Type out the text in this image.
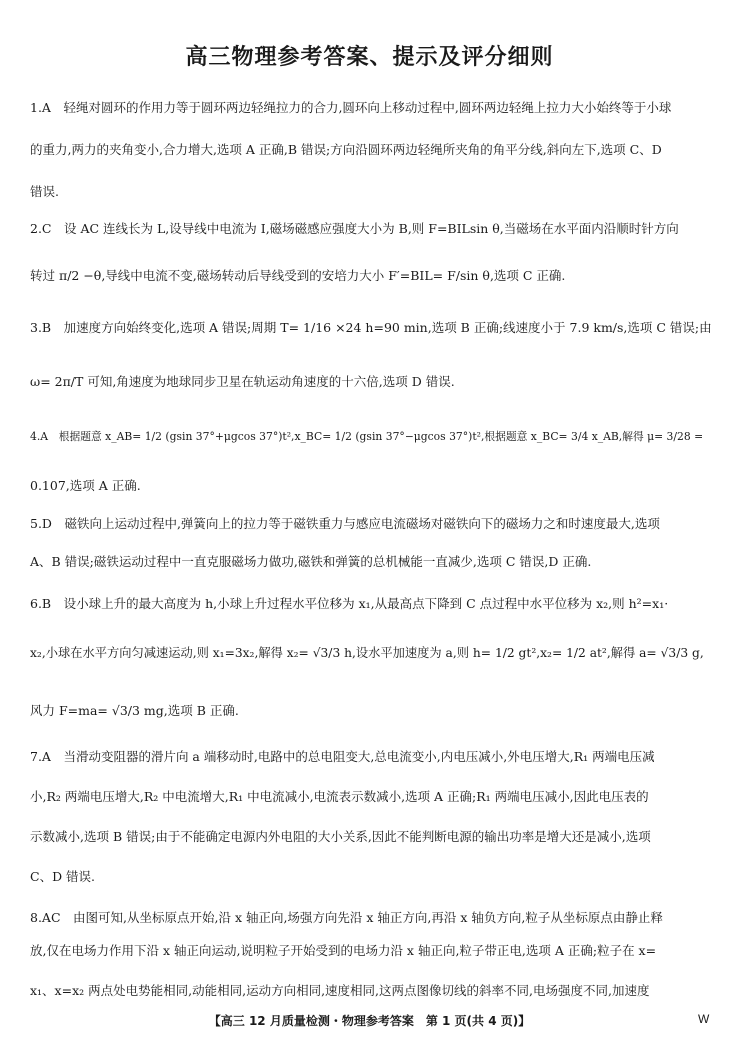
高三物理参考答案、提示及评分细则
1.A　轻绳对圆环的作用力等于圆环两边轻绳拉力的合力,圆环向上移动过程中,圆环两边轻绳上拉力大小始终等于小球
的重力,两力的夹角变小,合力增大,选项 A 正确,B 错误;方向沿圆环两边轻绳所夹角的角平分线,斜向左下,选项 C、D
错误.
2.C　设 AC 连线长为 L,设导线中电流为 I,磁场磁感应强度大小为 B,则 F=BILsin θ,当磁场在水平面内沿顺时针方向
转过 π/2 −θ,导线中电流不变,磁场转动后导线受到的安培力大小 F′=BIL= F/sin θ,选项 C 正确.
3.B　加速度方向始终变化,选项 A 错误;周期 T= 1/16 ×24 h=90 min,选项 B 正确;线速度小于 7.9 km/s,选项 C 错误;由
ω= 2π/T 可知,角速度为地球同步卫星在轨运动角速度的十六倍,选项 D 错误.
4.A　根据题意 x_AB= 1/2 (gsin 37°+μgcos 37°)t²,x_BC= 1/2 (gsin 37°−μgcos 37°)t²,根据题意 x_BC= 3/4 x_AB,解得 μ= 3/28 =
0.107,选项 A 正确.
5.D　磁铁向上运动过程中,弹簧向上的拉力等于磁铁重力与感应电流磁场对磁铁向下的磁场力之和时速度最大,选项
A、B 错误;磁铁运动过程中一直克服磁场力做功,磁铁和弹簧的总机械能一直减少,选项 C 错误,D 正确.
6.B　设小球上升的最大高度为 h,小球上升过程水平位移为 x₁,从最高点下降到 C 点过程中水平位移为 x₂,则 h²=x₁·
x₂,小球在水平方向匀减速运动,则 x₁=3x₂,解得 x₂= √3/3 h,设水平加速度为 a,则 h= 1/2 gt²,x₂= 1/2 at²,解得 a= √3/3 g,
风力 F=ma= √3/3 mg,选项 B 正确.
7.A　当滑动变阻器的滑片向 a 端移动时,电路中的总电阻变大,总电流变小,内电压减小,外电压增大,R₁ 两端电压减
小,R₂ 两端电压增大,R₂ 中电流增大,R₁ 中电流减小,电流表示数减小,选项 A 正确;R₁ 两端电压减小,因此电压表的
示数减小,选项 B 错误;由于不能确定电源内外电阻的大小关系,因此不能判断电源的输出功率是增大还是减小,选项
C、D 错误.
8.AC　由图可知,从坐标原点开始,沿 x 轴正向,场强方向先沿 x 轴正方向,再沿 x 轴负方向,粒子从坐标原点由静止释
放,仅在电场力作用下沿 x 轴正向运动,说明粒子开始受到的电场力沿 x 轴正向,粒子带正电,选项 A 正确;粒子在 x=
x₁、x=x₂ 两点处电势能相同,动能相同,运动方向相同,速度相同,这两点图像切线的斜率不同,电场强度不同,加速度
【高三 12 月质量检测・物理参考答案　第 1 页(共 4 页)】	W
